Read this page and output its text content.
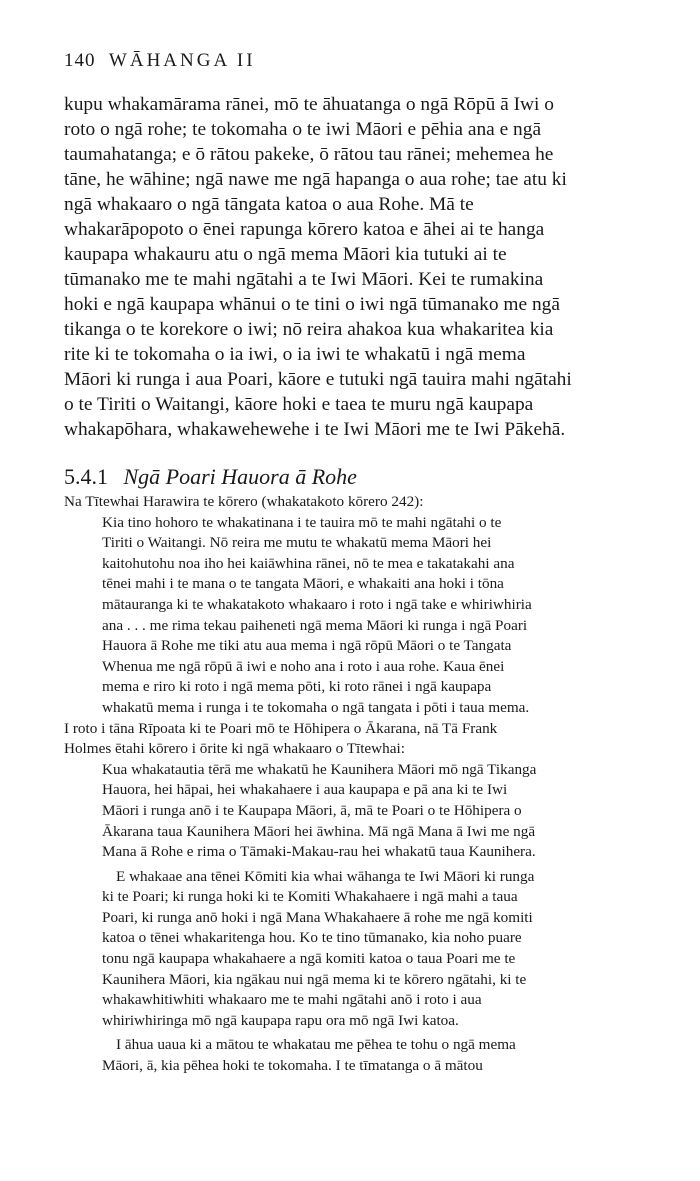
140 WĀHANGA II

kupu whakamārama rānei, mō te āhuatanga o ngā Rōpū ā Iwi o
roto o ngā rohe; te tokomaha o te iwi Māori e pēhia ana e ngā
taumahatanga; e ō rātou pakeke, ō rātou tau rānei; mehemea he
tāne, he wāhine; ngā nawe me ngā hapanga o aua rohe; tae atu ki
ngā whakaaro o ngā tāngata katoa o aua Rohe. Mā te
whakarāpopoto o ēnei rapunga kōrero katoa e āhei ai te hanga
kaupapa whakauru atu o ngā mema Māori kia tutuki ai te
tūmanako me te mahi ngātahi a te Iwi Māori. Kei te rumakina
hoki e ngā kaupapa whānui o te tini o iwi ngā tūmanako me ngā
tikanga o te korekore o iwi; nō reira ahakoa kua whakaritea kia
rite ki te tokomaha o ia iwi, o ia iwi te whakatū i ngā mema
Māori ki runga i aua Poari, kāore e tutuki ngā tauira mahi ngātahi
o te Tiriti o Waitangi, kāore hoki e taea te muru ngā kaupapa
whakapōhara, whakawehewehe i te Iwi Māori me te Iwi Pākehā.

5.4.1 Ngā Poari Hauora ā Rohe

Na Tītewhai Harawira te kōrero (whakatakoto kōrero 242):

Kia tino hohoro te whakatinana i te tauira mō te mahi ngātahi o te
Tiriti o Waitangi. Nō reira me mutu te whakatū mema Māori hei
kaitohutohu noa iho hei kaiāwhina rānei, nō te mea e takatakahi ana
tēnei mahi i te mana o te tangata Māori, e whakaiti ana hoki i tōna
mātauranga ki te whakatakoto whakaaro i roto i ngā take e whiriwhiria
ana . . . me rima tekau paiheneti ngā mema Māori ki runga i ngā Poari
Hauora ā Rohe me tiki atu aua mema i ngā rōpū Māori o te Tangata
Whenua me ngā rōpū ā iwi e noho ana i roto i aua rohe. Kaua ēnei
mema e riro ki roto i ngā mema pōti, ki roto rānei i ngā kaupapa
whakatū mema i runga i te tokomaha o ngā tangata i pōti i taua mema.
I roto i tāna Rīpoata ki te Poari mō te Hōhipera o Ākarana, nā Tā Frank
Holmes ētahi kōrero i ōrite ki ngā whakaaro o Tītewhai:
Kua whakatautia tērā me whakatū he Kaunihera Māori mō ngā Tikanga
Hauora, hei hāpai, hei whakahaere i aua kaupapa e pā ana ki te Iwi
Māori i runga anō i te Kaupapa Māori, ā, mā te Poari o te Hōhipera o
Ākarana taua Kaunihera Māori hei āwhina. Mā ngā Mana ā Iwi me ngā
Mana ā Rohe e rima o Tāmaki-Makau-rau hei whakatū taua Kaunihera.
E whakaae ana tēnei Kōmiti kia whai wāhanga te Iwi Māori ki runga
ki te Poari; ki runga hoki ki te Komiti Whakahaere i ngā mahi a taua
Poari, ki runga anō hoki i ngā Mana Whakahaere ā rohe me ngā komiti
katoa o tēnei whakaritenga hou. Ko te tino tūmanako, kia noho puare
tonu ngā kaupapa whakahaere a ngā komiti katoa o taua Poari me te
Kaunihera Māori, kia ngākau nui ngā mema ki te kōrero ngātahi, ki te
whakawhitiwhiti whakaaro me te mahi ngātahi anō i roto i aua
whiriwhiringa mō ngā kaupapa rapu ora mō ngā Iwi katoa.
I āhua uaua ki a mātou te whakatau me pēhea te tohu o ngā mema
Māori, ā, kia pēhea hoki te tokomaha. I te tīmatanga o ā mātou
